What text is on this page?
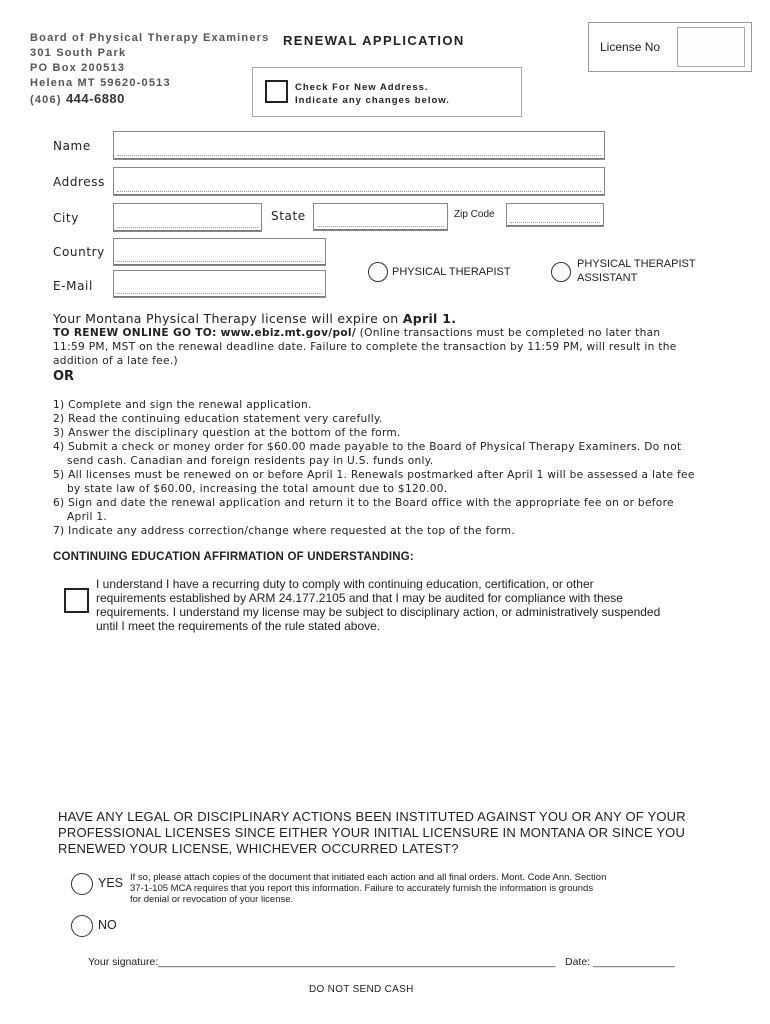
Board of Physical Therapy Examiners
301 South Park
PO Box 200513
Helena MT 59620-0513
(406) 444-6880
RENEWAL APPLICATION	License No
Check For New Address.
Indicate any changes below.
Name
Address
City	State	Zip Code
Country
E-Mail
PHYSICAL THERAPIST
PHYSICAL THERAPIST
ASSISTANT
Your Montana Physical Therapy license will expire on April 1.
TO RENEW ONLINE GO TO: www.ebiz.mt.gov/pol/ (Online transactions must be completed no later than
11:59 PM, MST on the renewal deadline date. Failure to complete the transaction by 11:59 PM, will result in the
addition of a late fee.)
OR
1) Complete and sign the renewal application.
2) Read the continuing education statement very carefully.
3) Answer the disciplinary question at the bottom of the form.
4) Submit a check or money order for $60.00 made payable to the Board of Physical Therapy Examiners. Do not
send cash. Canadian and foreign residents pay in U.S. funds only.
5) All licenses must be renewed on or before April 1. Renewals postmarked after April 1 will be assessed a late fee
by state law of $60.00, increasing the total amount due to $120.00.
6) Sign and date the renewal application and return it to the Board office with the appropriate fee on or before
April 1.
7) Indicate any address correction/change where requested at the top of the form.
CONTINUING EDUCATION AFFIRMATION OF UNDERSTANDING:
I understand I have a recurring duty to comply with continuing education, certification, or other
requirements established by ARM 24.177.2105 and that I may be audited for compliance with these
requirements. I understand my license may be subject to disciplinary action, or administratively suspended
until I meet the requirements of the rule stated above.
HAVE ANY LEGAL OR DISCIPLINARY ACTIONS BEEN INSTITUTED AGAINST YOU OR ANY OF YOUR
PROFESSIONAL LICENSES SINCE EITHER YOUR INITIAL LICENSURE IN MONTANA OR SINCE YOU
RENEWED YOUR LICENSE, WHICHEVER OCCURRED LATEST?
YES If so, please attach copies of the document that initiated each action and all final orders. Mont. Code Ann. Section
37-1-105 MCA requires that you report this information. Failure to accurately furnish the information is grounds
for denial or revocation of your license.
NO
Your signature:____________________________________________________________________ Date: ______________
DO NOT SEND CASH
